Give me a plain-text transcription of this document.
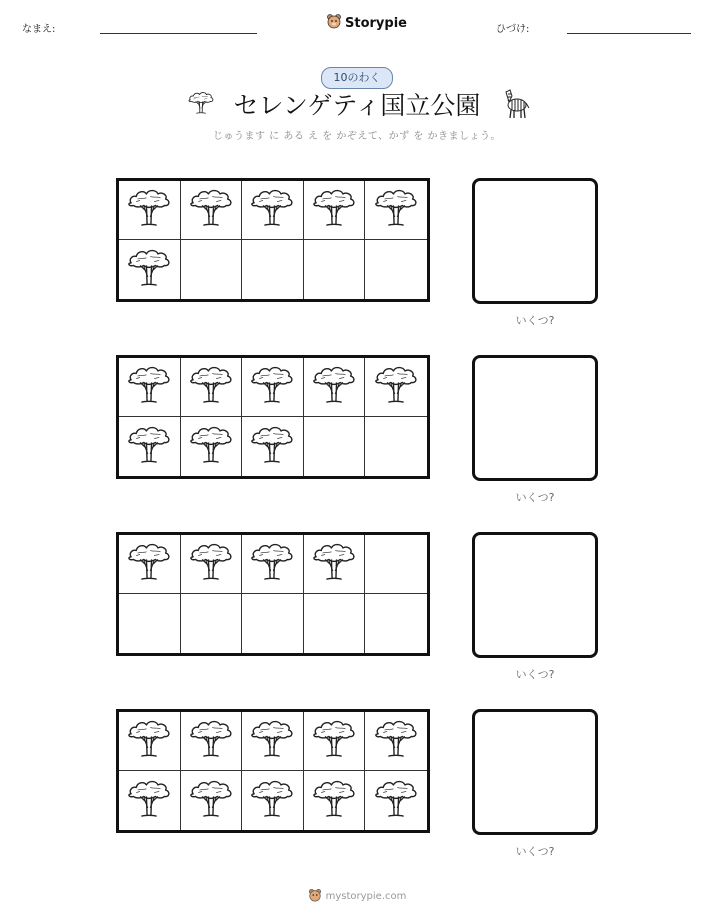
なまえ:	Storypie	ひづけ:
10のわく
セレンゲティ国立公園
じゅうます に ある え を かぞえて、かず を かきましょう。
いくつ?
いくつ?
いくつ?
いくつ?
mystorypie.com
